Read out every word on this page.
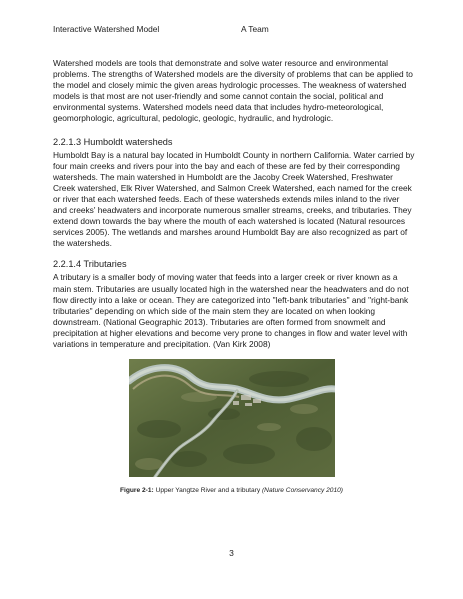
Interactive Watershed Model	A Team

Watershed models are tools that demonstrate and solve water resource and environmental problems. The strengths of Watershed models are the diversity of problems that can be applied to the model and closely mimic the given areas hydrologic processes. The weakness of watershed models is that most are not user-friendly and some cannot contain the social, political and environmental systems. Watershed models need data that includes hydro-meteorological, geomorphologic, agricultural, pedologic, geologic, hydraulic, and hydrologic.

2.2.1.3 Humboldt watersheds

Humboldt Bay is a natural bay located in Humboldt County in northern California. Water carried by four main creeks and rivers pour into the bay and each of these are fed by their corresponding watersheds. The main watershed in Humboldt are the Jacoby Creek Watershed, Freshwater Creek watershed, Elk River Watershed, and Salmon Creek Watershed, each named for the creek or river that each watershed feeds. Each of these watersheds extends miles inland to the river and creeks' headwaters and incorporate numerous smaller streams, creeks, and tributaries. They extend down towards the bay where the mouth of each watershed is located (Natural resources services 2005). The wetlands and marshes around Humboldt Bay are also recognized as part of the watersheds.

2.2.1.4 Tributaries

A tributary is a smaller body of moving water that feeds into a larger creek or river known as a main stem. Tributaries are usually located high in the watershed near the headwaters and do not flow directly into a lake or ocean. They are categorized into "left-bank tributaries" and "right-bank tributaries" depending on which side of the main stem they are located on when looking downstream. (National Geographic 2013). Tributaries are often formed from snowmelt and precipitation at higher elevations and become very prone to changes in flow and water level with variations in temperature and precipitation. (Van Kirk 2008)

Figure 2-1: Upper Yangtze River and a tributary (Nature Conservancy 2010)
3
